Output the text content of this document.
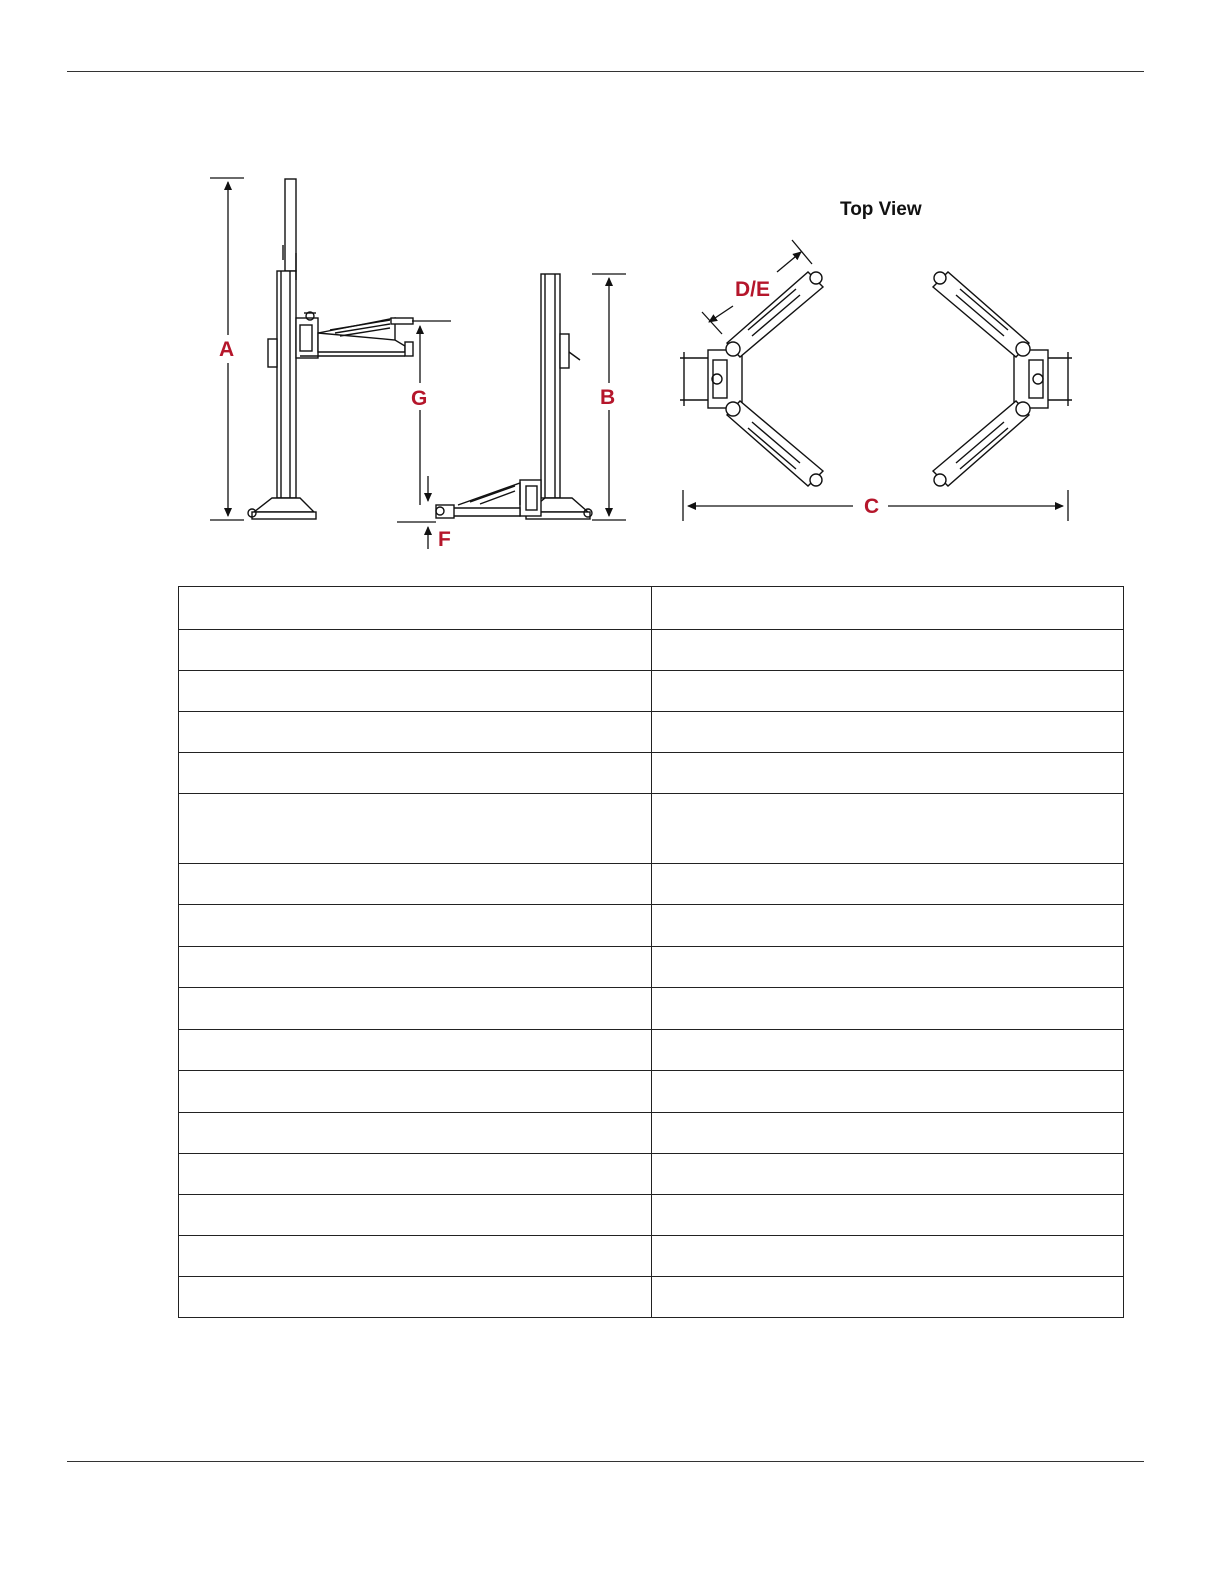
A
G
F
B
Top View
D/E
C
